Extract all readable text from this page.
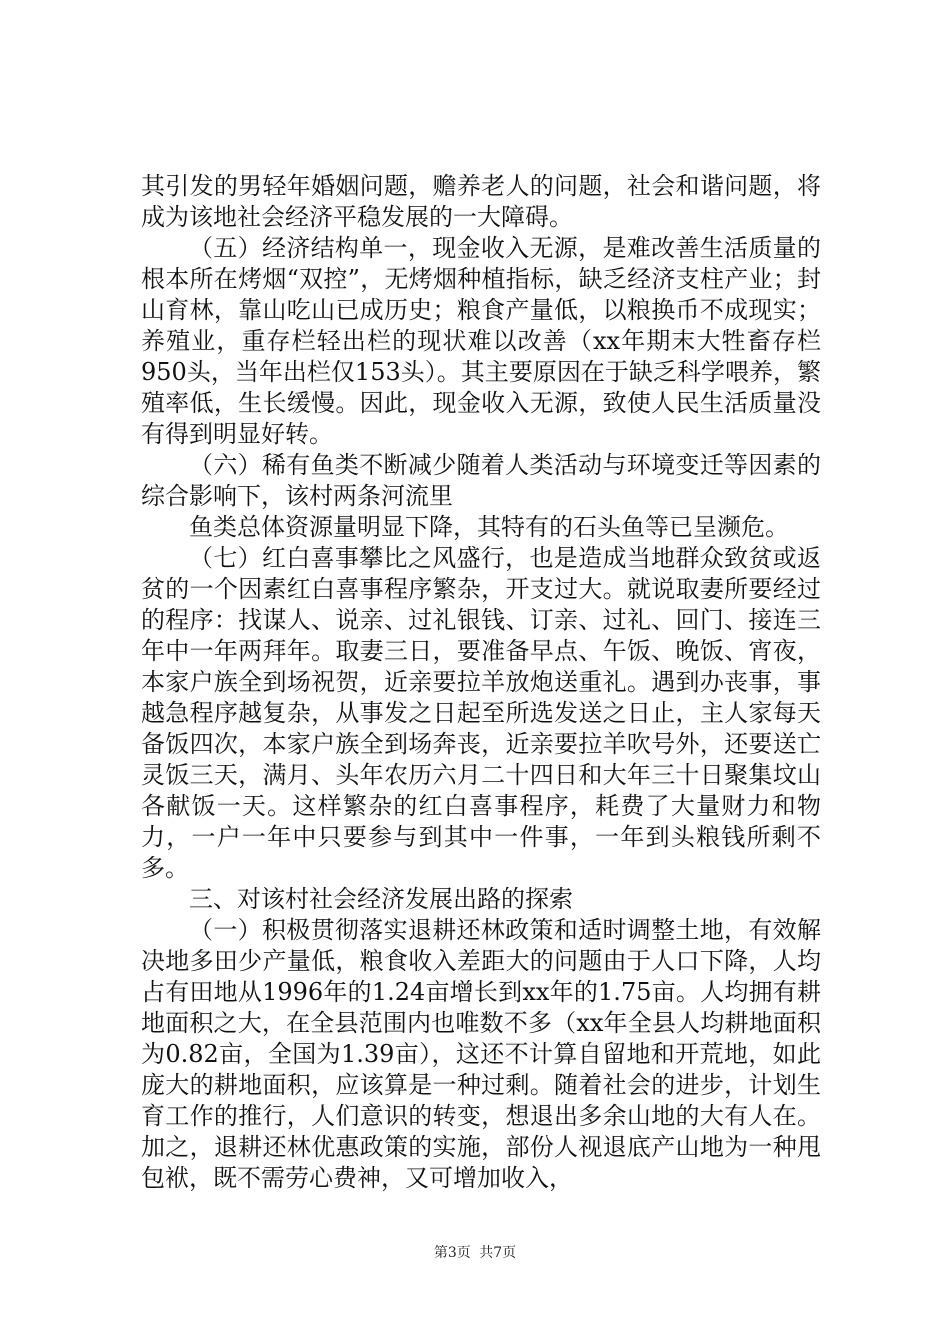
其引发的男轻年婚姻问题，赡养老人的问题，社会和谐问题，将成为该地社会经济平稳发展的一大障碍。

（五）经济结构单一，现金收入无源，是难改善生活质量的根本所在烤烟“双控”，无烤烟种植指标，缺乏经济支柱产业；封山育林，靠山吃山已成历史；粮食产量低，以粮换币不成现实；养殖业，重存栏轻出栏的现状难以改善（xx年期末大牲畜存栏950头，当年出栏仅153头）。其主要原因在于缺乏科学喂养，繁殖率低，生长缓慢。因此，现金收入无源，致使人民生活质量没有得到明显好转。

（六）稀有鱼类不断减少随着人类活动与环境变迁等因素的综合影响下，该村两条河流里

鱼类总体资源量明显下降，其特有的石头鱼等已呈濒危。

（七）红白喜事攀比之风盛行，也是造成当地群众致贫或返贫的一个因素红白喜事程序繁杂，开支过大。就说取妻所要经过的程序：找谋人、说亲、过礼银钱、订亲、过礼、回门、接连三年中一年两拜年。取妻三日，要准备早点、午饭、晚饭、宵夜，本家户族全到场祝贺，近亲要拉羊放炮送重礼。遇到办丧事，事越急程序越复杂，从事发之日起至所选发送之日止，主人家每天备饭四次，本家户族全到场奔丧，近亲要拉羊吹号外，还要送亡灵饭三天，满月、头年农历六月二十四日和大年三十日聚集坟山各献饭一天。这样繁杂的红白喜事程序，耗费了大量财力和物力，一户一年中只要参与到其中一件事，一年到头粮钱所剩不多。

三、对该村社会经济发展出路的探索

（一）积极贯彻落实退耕还林政策和适时调整土地，有效解决地多田少产量低，粮食收入差距大的问题由于人口下降，人均占有田地从1996年的1.24亩增长到xx年的1.75亩。人均拥有耕地面积之大，在全县范围内也唯数不多（xx年全县人均耕地面积为0.82亩，全国为1.39亩），这还不计算自留地和开荒地，如此庞大的耕地面积，应该算是一种过剩。随着社会的进步，计划生育工作的推行，人们意识的转变，想退出多余山地的大有人在。加之，退耕还林优惠政策的实施，部份人视退底产山地为一种甩包袱，既不需劳心费神，又可增加收入，

第3页 共7页
